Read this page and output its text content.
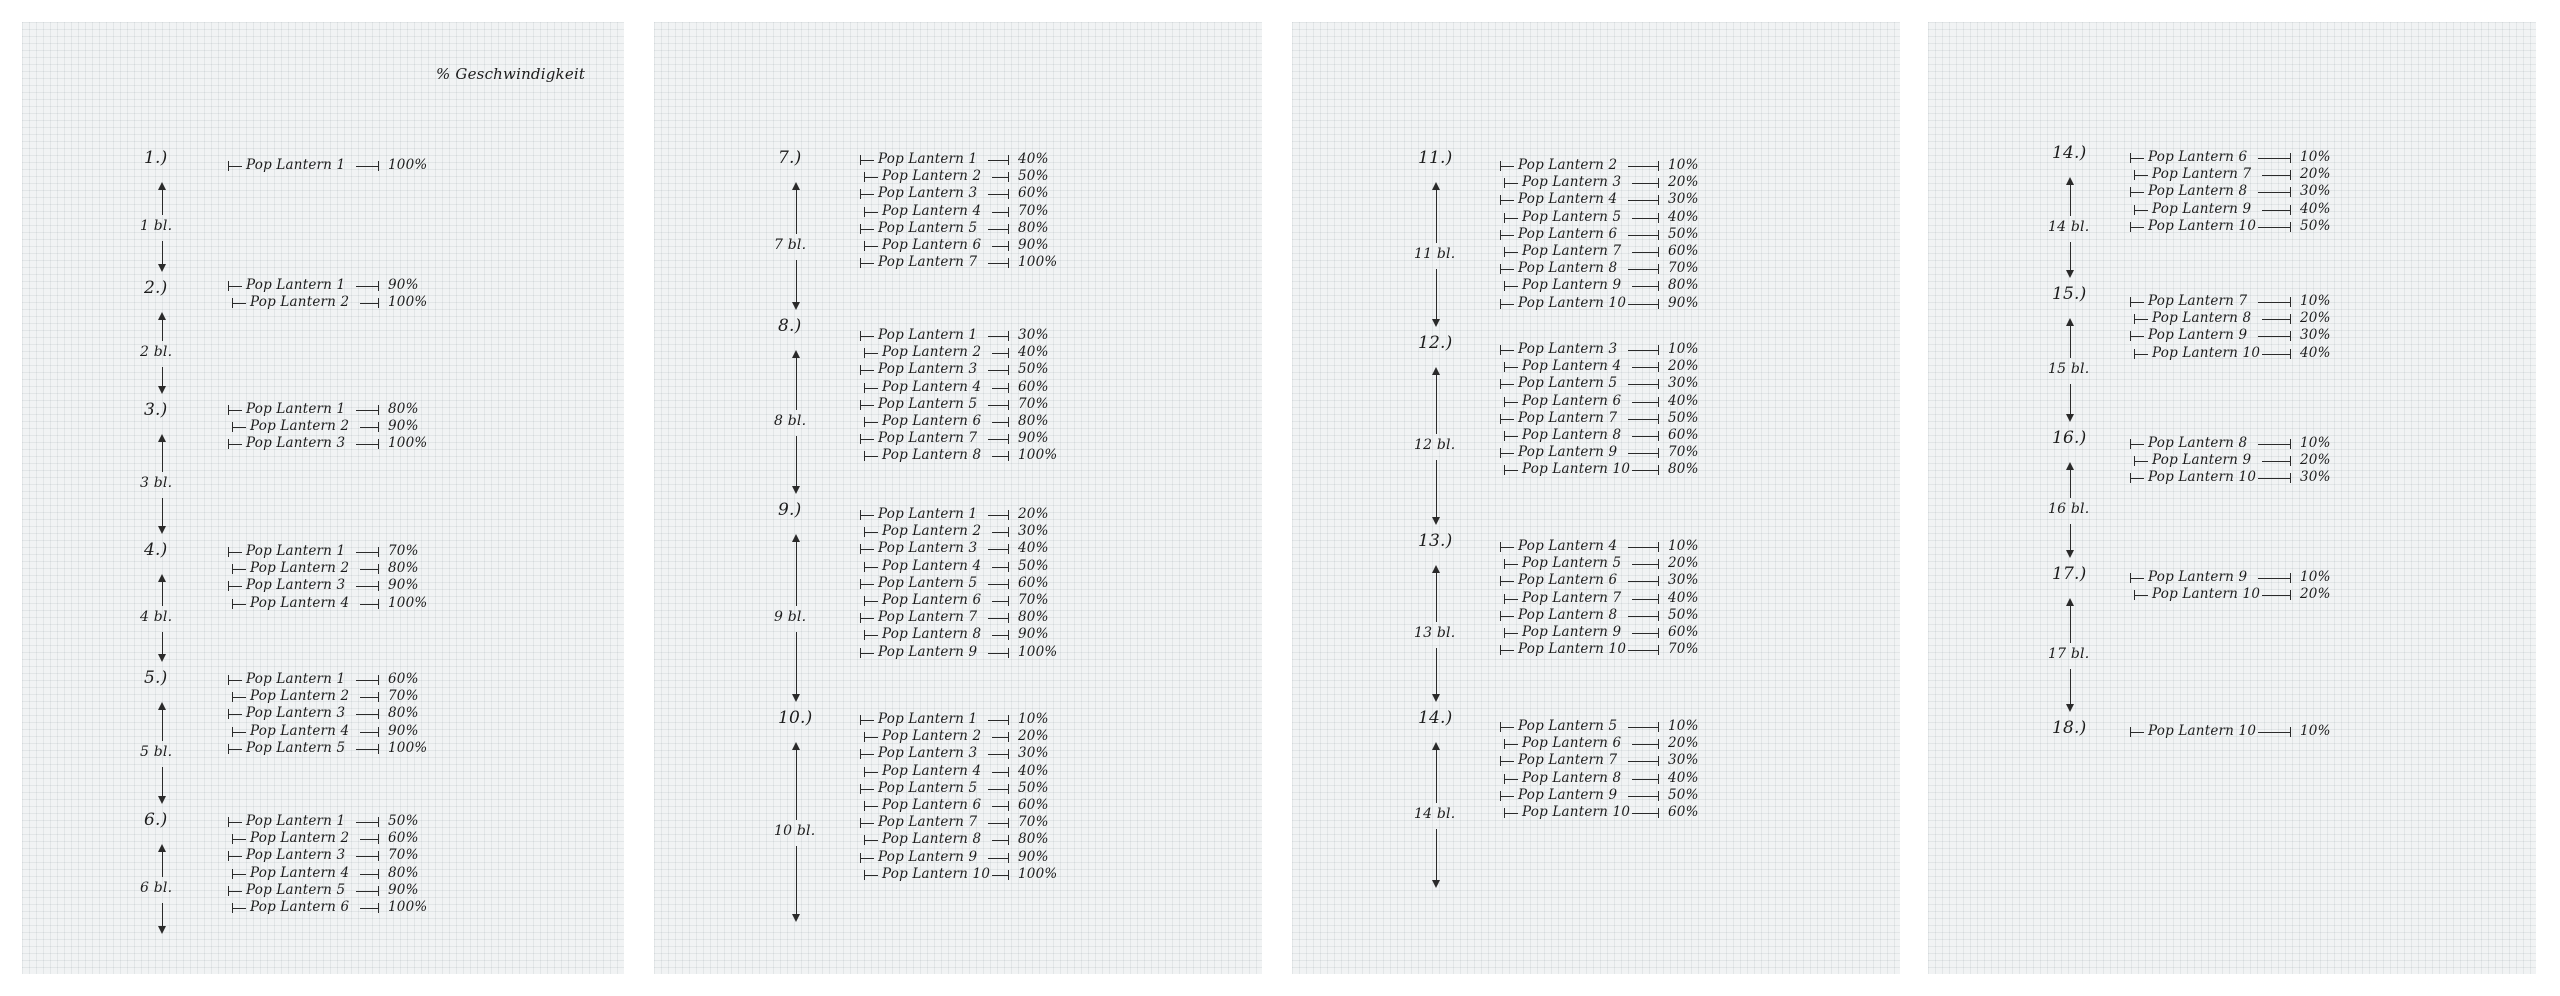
% Geschwindigkeit
1.)	Pop Lantern 1	100%
1 bl.
2.)	Pop Lantern 1	90%
Pop Lantern 2	100%
2 bl.
3.)	Pop Lantern 1	80%
Pop Lantern 2	90%
Pop Lantern 3	100%
3 bl.
4.)	Pop Lantern 1	70%
Pop Lantern 2	80%
Pop Lantern 3	90%
Pop Lantern 4	100%
4 bl.
5.)	Pop Lantern 1	60%
Pop Lantern 2	70%
Pop Lantern 3	80%
Pop Lantern 4	90%
Pop Lantern 5	100%
5 bl.
6.)	Pop Lantern 1	50%
Pop Lantern 2	60%
Pop Lantern 3	70%
Pop Lantern 4	80%
Pop Lantern 5	90%
Pop Lantern 6	100%
6 bl.
7.)	Pop Lantern 1	40%
Pop Lantern 2	50%
Pop Lantern 3	60%
Pop Lantern 4	70%
Pop Lantern 5	80%
Pop Lantern 6	90%
Pop Lantern 7	100%
7 bl.
8.)	Pop Lantern 1	30%
Pop Lantern 2	40%
Pop Lantern 3	50%
Pop Lantern 4	60%
Pop Lantern 5	70%
Pop Lantern 6	80%
Pop Lantern 7	90%
Pop Lantern 8	100%
8 bl.
9.)	Pop Lantern 1	20%
Pop Lantern 2	30%
Pop Lantern 3	40%
Pop Lantern 4	50%
Pop Lantern 5	60%
Pop Lantern 6	70%
Pop Lantern 7	80%
Pop Lantern 8	90%
Pop Lantern 9	100%
9 bl.
10.)	Pop Lantern 1	10%
Pop Lantern 2	20%
Pop Lantern 3	30%
Pop Lantern 4	40%
Pop Lantern 5	50%
Pop Lantern 6	60%
Pop Lantern 7	70%
Pop Lantern 8	80%
Pop Lantern 9	90%
Pop Lantern 10 100%
10 bl.
11.)	Pop Lantern 2	10%
Pop Lantern 3	20%
Pop Lantern 4	30%
Pop Lantern 5	40%
Pop Lantern 6	50%
Pop Lantern 7	60%
Pop Lantern 8	70%
Pop Lantern 9	80%
Pop Lantern 10	90%
11 bl.
12.)	Pop Lantern 3	10%
Pop Lantern 4	20%
Pop Lantern 5	30%
Pop Lantern 6	40%
Pop Lantern 7	50%
Pop Lantern 8	60%
Pop Lantern 9	70%
Pop Lantern 10	80%
12 bl.
13.)	Pop Lantern 4	10%
Pop Lantern 5	20%
Pop Lantern 6	30%
Pop Lantern 7	40%
Pop Lantern 8	50%
Pop Lantern 9	60%
Pop Lantern 10	70%
13 bl.
14.)	Pop Lantern 5	10%
Pop Lantern 6	20%
Pop Lantern 7	30%
Pop Lantern 8	40%
Pop Lantern 9	50%
Pop Lantern 10	60%
14 bl.
14.)	Pop Lantern 6	10%
Pop Lantern 7	20%
Pop Lantern 8	30%
Pop Lantern 9	40%
Pop Lantern 10	50%
14 bl.
15.)	Pop Lantern 7	10%
Pop Lantern 8	20%
Pop Lantern 9	30%
Pop Lantern 10	40%
15 bl.
16.)	Pop Lantern 8	10%
Pop Lantern 9	20%
Pop Lantern 10	30%
16 bl.
17.)	Pop Lantern 9	10%
Pop Lantern 10	20%
17 bl.
18.)	Pop Lantern 10	10%
